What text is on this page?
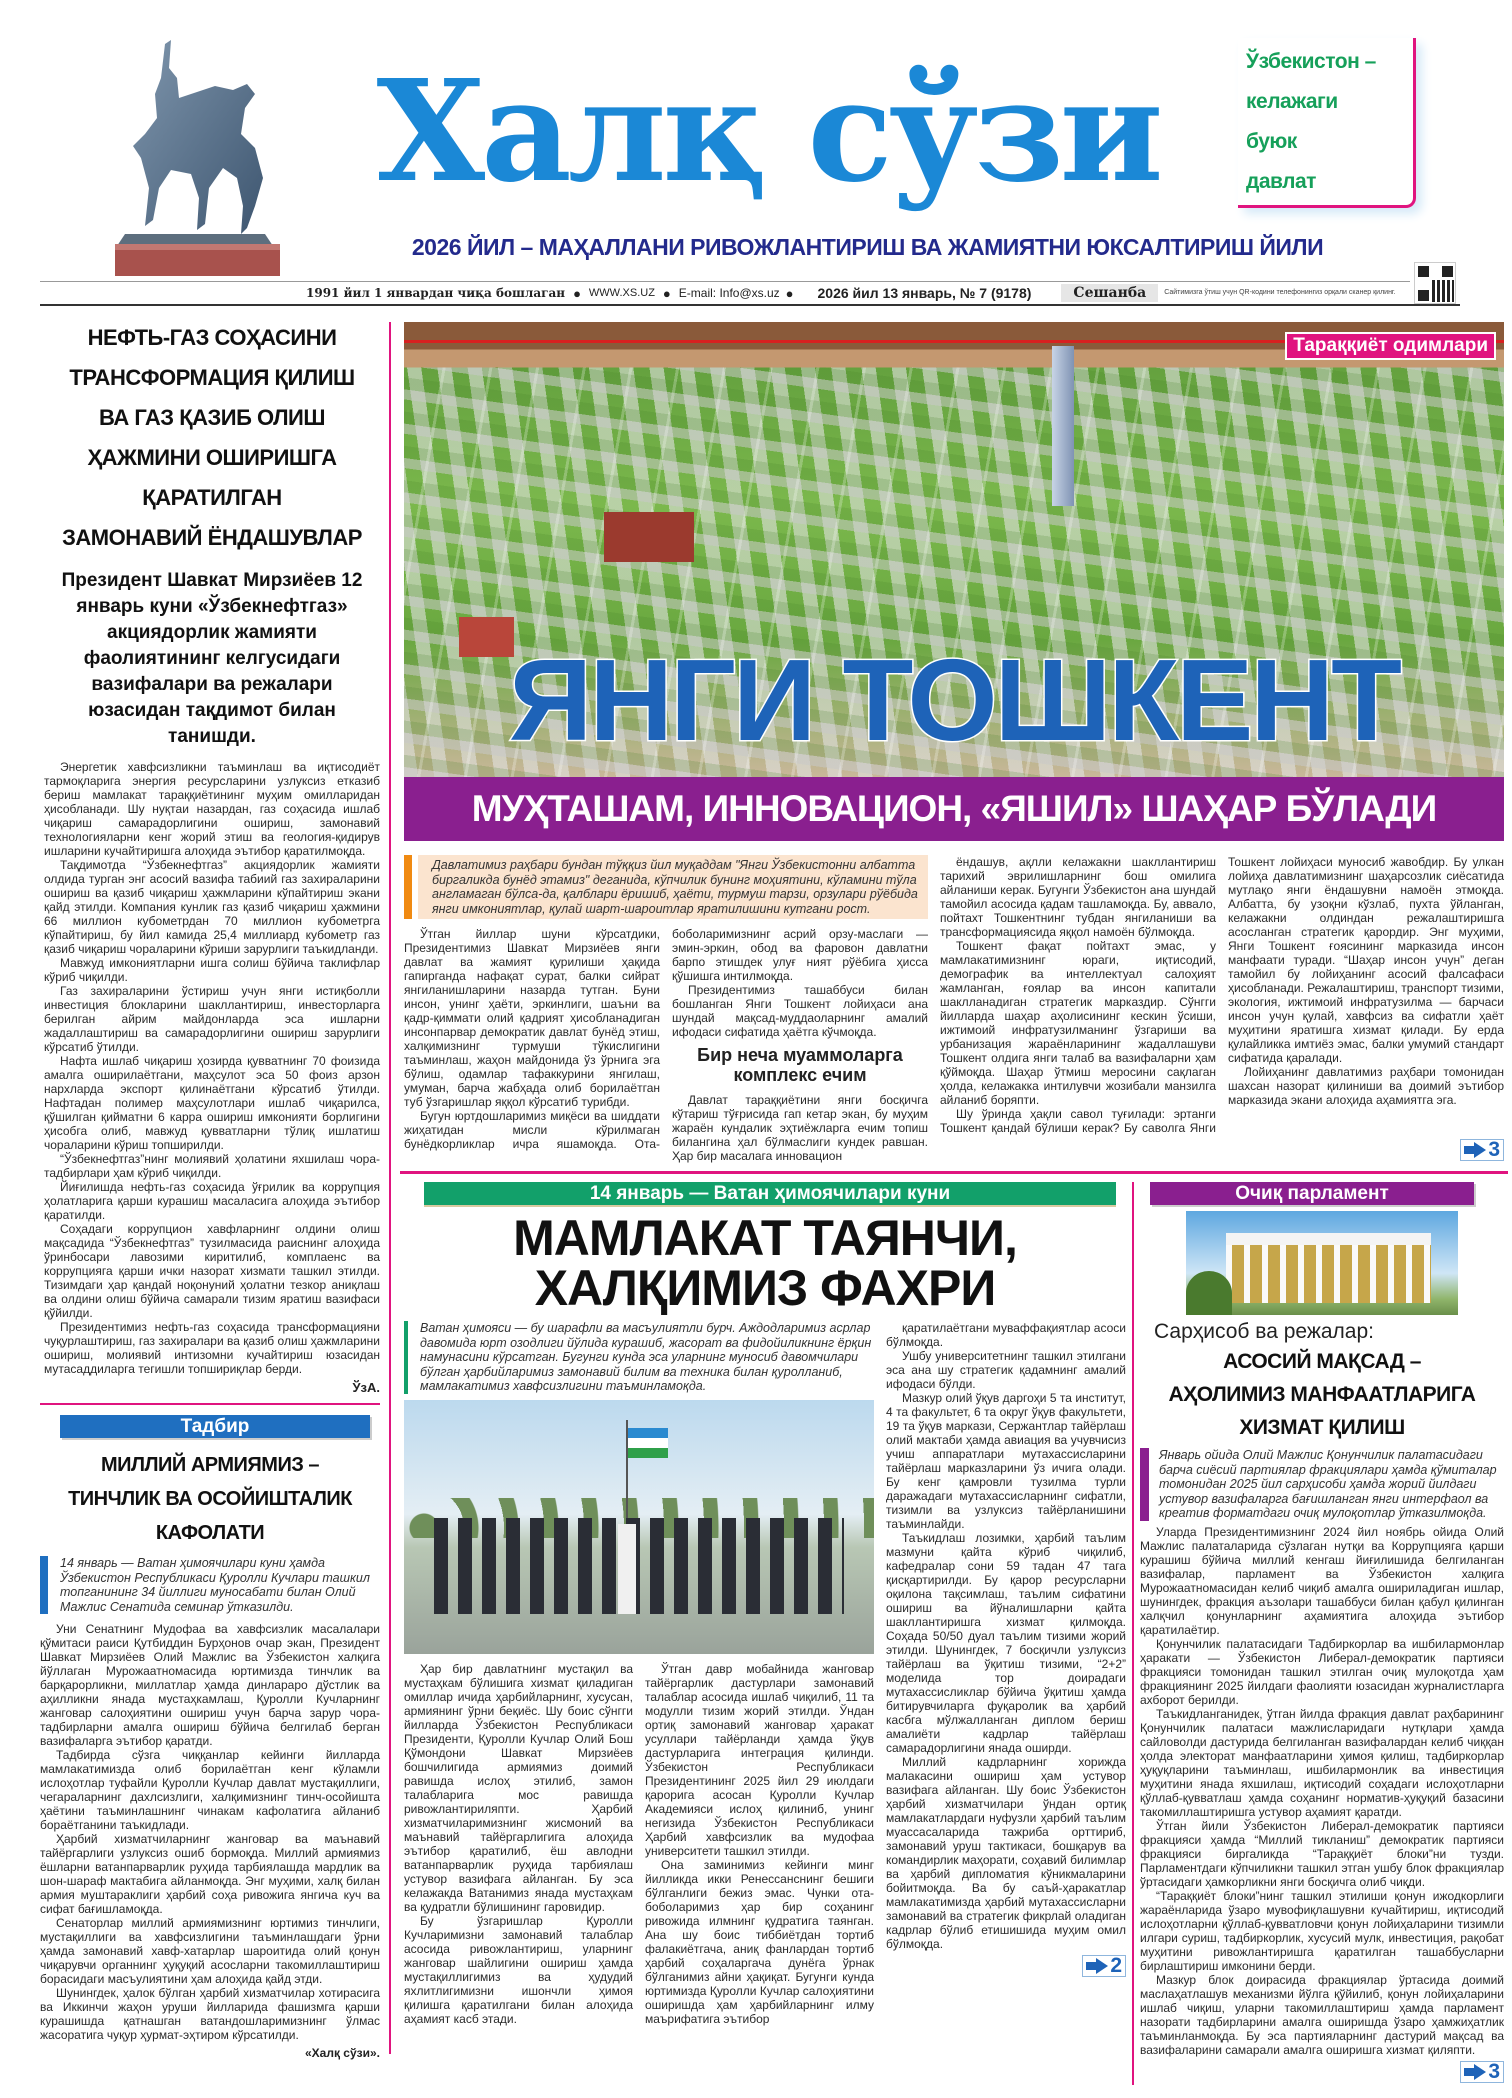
Халқ сўзи	Ўзбекистон –
келажаги
буюк
давлат
2026 ЙИЛ – МАҲАЛЛАНИ РИВОЖЛАНТИРИШ ВА ЖАМИЯТНИ ЮКСАЛТИРИШ ЙИЛИ
1991 йил 1 январдан чиқа бошлаган ● WWW.XS.UZ ● E-mail: Info@xs.uz ● 2026 йил 13 январь, № 7 (9178)	Сешанба	Сайтимизга ўтиш учун QR-кодини телефонингиз орқали сканер қилинг.
НЕФТЬ-ГАЗ СОҲАСИНИ
ТРАНСФОРМАЦИЯ ҚИЛИШ
ВА ГАЗ ҚАЗИБ ОЛИШ
ҲАЖМИНИ ОШИРИШГА
ҚАРАТИЛГАН
ЗАМОНАВИЙ ЁНДАШУВЛАР
Президент Шавкат Мирзиёев 12 январь куни «Ўзбекнефтгаз» акциядорлик жамияти фаолиятининг келгусидаги вазифалари ва режалари юзасидан тақдимот билан танишди.

Энергетик хавфсизликни таъминлаш ва иқтисодиёт тармоқларига энергия ресурсларини узлуксиз етказиб бериш мамлакат тараққиётининг муҳим омилларидан ҳисобланади. Шу нуқтаи назардан, газ соҳасида ишлаб чиқариш самарадорлигини ошириш, замонавий технологияларни кенг жорий этиш ва геология-қидирув ишларини кучайтиришга алоҳида эътибор қаратилмоқда.

Тақдимотда “Ўзбекнефтгаз” акциядорлик жамияти олдида турган энг асосий вазифа табиий газ захираларини ошириш ва қазиб чиқариш ҳажмларини кўпайтириш экани қайд этилди. Компания кунлик газ қазиб чиқариш ҳажмини 66 миллион кубометрдан 70 миллион кубометрга кўпайтириш, бу йил камида 25,4 миллиард кубометр газ қазиб чиқариш чораларини кўриши зарурлиги таъкидланди.

Мавжуд имкониятларни ишга солиш бўйича таклифлар кўриб чиқилди.

Газ захираларини ўстириш учун янги истиқболли инвестиция блокларини шакллантириш, инвесторларга берилган айрим майдонларда эса ишларни жадаллаштириш ва самарадорлигини ошириш зарурлиги кўрсатиб ўтилди.

Нафта ишлаб чиқариш ҳозирда қувватнинг 70 фоизида амалга оширилаётгани, маҳсулот эса 50 фоиз арзон нархларда экспорт қилинаётгани кўрсатиб ўтилди. Нафтадан полимер маҳсулотлари ишлаб чиқарилса, қўшилган қийматни 6 карра ошириш имконияти борлигини ҳисобга олиб, мавжуд қувватларни тўлиқ ишлатиш чораларини кўриш топширилди.

“Ўзбекнефтгаз”нинг молиявий ҳолатини яхшилаш чора-тадбирлари ҳам кўриб чиқилди.

Йиғилишда нефть-газ соҳасида ўғрилик ва коррупция ҳолатларига қарши курашиш масаласига алоҳида эътибор қаратилди.

Соҳадаги коррупцион хавфларнинг олдини олиш мақсадида “Ўзбекнефтгаз” тузилмасида раиснинг алоҳида ўринбосари лавозими киритилиб, комплаенс ва коррупцияга қарши ички назорат хизмати ташкил этилди. Тизимдаги ҳар қандай ноқонуний ҳолатни тезкор аниқлаш ва олдини олиш бўйича самарали тизим яратиш вазифаси қўйилди.

Президентимиз нефть-газ соҳасида трансформацияни чуқурлаштириш, газ захиралари ва қазиб олиш ҳажмларини ошириш, молиявий интизомни кучайтириш юзасидан мутасаддиларга тегишли топшириқлар берди.

ЎзА.
Тадбир
МИЛЛИЙ АРМИЯМИЗ –
ТИНЧЛИК ВА ОСОЙИШТАЛИК
КАФОЛАТИ
14 январь — Ватан ҳимоячилари куни ҳамда Ўзбекистон Республикаси Қуролли Кучлари ташкил топганининг 34 йиллиги муносабати билан Олий Мажлис Сенатида семинар ўтказилди.

Уни Сенатнинг Мудофаа ва хавфсизлик масалалари қўмитаси раиси Қутбиддин Бурҳонов очар экан, Президент Шавкат Мирзиёев Олий Мажлис ва Ўзбекистон халқига йўллаган Мурожаатномасида юртимизда тинчлик ва барқарорликни, миллатлар ҳамда динлараро дўстлик ва аҳилликни янада мустаҳкамлаш, Қуролли Кучларнинг жанговар салоҳиятини ошириш учун барча зарур чора-тадбирларни амалга ошириш бўйича белгилаб берган вазифаларга эътибор қаратди.

Тадбирда сўзга чиққанлар кейинги йилларда мамлакатимизда олиб борилаётган кенг кўламли ислоҳотлар туфайли Қуролли Кучлар давлат мустақиллиги, чегараларнинг дахлсизлиги, халқимизнинг тинч-осойишта ҳаётини таъминлашнинг чинакам кафолатига айланиб бораётганини таъкидлади.

Ҳарбий хизматчиларнинг жанговар ва маънавий тайёргарлиги узлуксиз ошиб бормоқда. Миллий армиямиз ёшларни ватанпарварлик руҳида тарбиялашда мардлик ва шон-шараф мактабига айланмоқда. Энг муҳими, халқ билан армия муштараклиги ҳарбий соҳа ривожига янгича куч ва сифат бағишламоқда.

Сенаторлар миллий армиямизнинг юртимиз тинчлиги, мустақиллиги ва хавфсизлигини таъминлашдаги ўрни ҳамда замонавий хавф-хатарлар шароитида олий қонун чиқарувчи органнинг ҳуқуқий асосларни такомиллаштириш борасидаги масъулиятини ҳам алоҳида қайд этди.

Шунингдек, ҳалок бўлган ҳарбий хизматчилар хотирасига ва Иккинчи жаҳон уруши йилларида фашизмга қарши курашишда қатнашган ватандошларимизнинг ўлмас жасоратига чуқур ҳурмат-эҳтиром кўрсатилди.

«Халқ сўзи».
Тараққиёт одимлари
ЯНГИ ТОШКЕНТ
МУҲТАШАМ, ИННОВАЦИОН, «ЯШИЛ» ШАҲАР БЎЛАДИ
Давлатимиз раҳбари бундан тўққиз йил муқаддам "Янги Ўзбекистонни албатта биргаликда бунёд этамиз" деганида, кўпчилик бунинг моҳиятини, кўламини тўла англамаган бўлса-да, қалблари ёришиб, ҳаёти, турмуш тарзи, орзулари рўёбида янги имкониятлар, қулай шарт-шароитлар яратилишини кутгани рост.

Ўтган йиллар шуни кўрсатдики, Президентимиз Шавкат Мирзиёев янги давлат ва жамият қурилиши ҳақида гапирганда нафақат сурат, балки сийрат янгиланишларини назарда тутган. Буни инсон, унинг ҳаёти, эркинлиги, шаъни ва қадр-қиммати олий қадрият ҳисобланадиган инсонпарвар демократик давлат бунёд этиш, халқимизнинг турмуши тўкислигини таъминлаш, жаҳон майдонида ўз ўрнига эга бўлиш, одамлар тафаккурини янгилаш, умуман, барча жабҳада олиб борилаётган туб ўзгаришлар яққол кўрсатиб турибди.

Бугун юртдошларимиз миқёси ва шиддати жиҳатидан мисли кўрилмаган бунёдкорликлар ичра яшамоқда. Ота-боболаримизнинг асрий орзу-маслаги — эмин-эркин, обод ва фаровон давлатни барпо этишдек улуғ ният рўёбига ҳисса қўшишга интилмоқда.

Президентимиз ташаббуси билан бошланган Янги Тошкент лойиҳаси ана шундай мақсад-муддаоларнинг амалий ифодаси сифатида ҳаётга кўчмоқда.

Бир неча муаммоларга комплекс ечим

Давлат тараққиётини янги босқичга кўтариш тўғрисида гап кетар экан, бу муҳим жараён кундалик эҳтиёжларга ечим топиш билангина ҳал бўлмаслиги кундек равшан. Ҳар бир масалага инновацион

ёндашув, ақлли келажакни шакллантириш тарихий эврилишларнинг бош омилига айланиши керак. Бугунги Ўзбекистон ана шундай тамойил асосида қадам ташламоқда. Бу, аввало, пойтахт Тошкентнинг тубдан янгиланиши ва трансформациясида яққол намоён бўлмоқда.

Тошкент фақат пойтахт эмас, у мамлакатимизнинг юраги, иқтисодий, демографик ва интеллектуал салоҳият жамланган, ғоялар ва инсон капитали шаклланадиган стратегик марказдир. Сўнгги йилларда шаҳар аҳолисининг кескин ўсиши, ижтимоий инфратузилманинг ўзгариши ва урбанизация жараёнларининг жадаллашуви Тошкент олдига янги талаб ва вазифаларни ҳам қўймоқда. Шаҳар ўтмиш меросини сақлаган ҳолда, келажакка интилувчи жозибали манзилга айланиб боряпти.

Шу ўринда ҳақли савол туғилади: эртанги Тошкент қандай бўлиши керак? Бу саволга Янги Тошкент лойиҳаси муносиб жавобдир. Бу улкан лойиҳа давлатимизнинг шаҳарсозлик сиёсатида мутлақо янги ёндашувни намоён этмоқда. Албатта, бу узоқни кўзлаб, пухта ўйланган, келажакни олдиндан режалаштиришга асосланган стратегик қарордир. Энг муҳими, Янги Тошкент ғоясининг марказида инсон манфаати туради. “Шаҳар инсон учун” деган тамойил бу лойиҳанинг асосий фалсафаси ҳисобланади. Режалаштириш, транспорт тизими, экология, ижтимоий инфратузилма — барчаси инсон учун қулай, хавфсиз ва сифатли ҳаёт муҳитини яратишга хизмат қилади. Бу ерда қулайликка имтиёз эмас, балки умумий стандарт сифатида қаралади.

Лойиҳанинг давлатимиз раҳбари томонидан шахсан назорат қилиниши ва доимий эътибор марказида экани алоҳида аҳамиятга эга.

3
14 январь — Ватан ҳимоячилари куни
МАМЛАКАТ ТАЯНЧИ,
ХАЛҚИМИЗ ФАХРИ
Ватан ҳимояси — бу шарафли ва масъулиятли бурч. Аждодларимиз асрлар давомида юрт озодлиги йўлида курашиб, жасорат ва фидойиликнинг ёрқин намунасини кўрсатган. Бугунги кунда эса уларнинг муносиб давомчилари бўлган ҳарбийларимиз замонавий билим ва техника билан қуролланиб, мамлакатимиз хавфсизлигини таъминламоқда.

Ҳар бир давлатнинг мустақил ва мустаҳкам бўлишига хизмат қиладиган омиллар ичида ҳарбийларнинг, хусусан, армиянинг ўрни беқиёс. Шу боис сўнгги йилларда Ўзбекистон Республикаси Президенти, Қуролли Кучлар Олий Бош Қўмондони Шавкат Мирзиёев бошчилигида армиямиз доимий равишда ислоҳ этилиб, замон талабларига мос равишда ривожлантириляпти. Ҳарбий хизматчиларимизнинг жисмоний ва маънавий тайёргарлигига алоҳида эътибор қаратилиб, ёш авлодни ватанпарварлик руҳида тарбиялаш устувор вазифага айланган. Бу эса келажакда Ватанимиз янада мустаҳкам ва қудратли бўлишининг гаровидир.

Бу ўзгаришлар Қуролли Кучларимизни замонавий талаблар асосида ривожлантириш, уларнинг жанговар шайлигини ошириш ҳамда мустақиллигимиз ва ҳудудий яхлитлигимизни ишончли ҳимоя қилишга қаратилгани билан алоҳида аҳамият касб этади.

Ўтган давр мобайнида жанговар тайёргарлик дастурлари замонавий талаблар асосида ишлаб чиқилиб, 11 та модулли тизим жорий этилди. Ўндан ортиқ замонавий жанговар ҳаракат усуллари тайёрланди ҳамда ўқув дастурларига интеграция қилинди. Ўзбекистон Республикаси Президентининг 2025 йил 29 июлдаги қарорига асосан Қуролли Кучлар Академияси ислоҳ қилиниб, унинг негизида Ўзбекистон Республикаси Ҳарбий хавфсизлик ва мудофаа университети ташкил этилди.

Она заминимиз кейинги минг йилликда икки Ренессанснинг бешиги бўлганлиги бежиз эмас. Чунки ота-боболаримиз ҳар бир соҳанинг ривожида илмнинг қудратига таянган. Ана шу боис тиббиётдан тортиб фалакиётгача, аниқ фанлардан тортиб ҳарбий соҳаларгача дунёга ўрнак бўлганимиз айни ҳақиқат. Бугунги кунда юртимизда Қуролли Кучлар салоҳиятини оширишда ҳам ҳарбийларнинг илму маърифатига эътибор

қаратилаётгани муваффақиятлар асоси бўлмоқда.

Ушбу университетнинг ташкил этилгани эса ана шу стратегик қадамнинг амалий ифодаси бўлди.

Мазкур олий ўқув даргоҳи 5 та институт, 4 та факультет, 6 та округ ўқув факультети, 19 та ўқув маркази, Сержантлар тайёрлаш олий мактаби ҳамда авиация ва учувчисиз учиш аппаратлари мутахассисларини тайёрлаш марказларини ўз ичига олади. Бу кенг қамровли тузилма турли даражадаги мутахассисларнинг сифатли, тизимли ва узлуксиз тайёрланишини таъминлайди.

Таъкидлаш лозимки, ҳарбий таълим мазмуни қайта кўриб чиқилиб, кафедралар сони 59 тадан 47 тага қисқартирилди. Бу қарор ресурсларни оқилона тақсимлаш, таълим сифатини ошириш ва йўналишларни қайта шакллантиришга хизмат қилмоқда. Соҳада 50/50 дуал таълим тизими жорий этилди. Шунингдек, 7 босқичли узлуксиз тайёрлаш ва ўқитиш тизими, “2+2” моделида тор доирадаги мутахассисликлар бўйича ўқитиш ҳамда битирувчиларга фуқаролик ва ҳарбий касбга мўлжалланган диплом бериш амалиёти кадрлар тайёрлаш самарадорлигини янада оширди.

Миллий кадрларнинг хорижда малакасини ошириш ҳам устувор вазифага айланган. Шу боис Ўзбекистон ҳарбий хизматчилари ўндан ортиқ мамлакатлардаги нуфузли ҳарбий таълим муассасаларида тажриба орттириб, замонавий уруш тактикаси, бошқарув ва командирлик маҳорати, соҳавий билимлар ва ҳарбий дипломатия кўникмаларини бойитмоқда. Ва бу саъй-ҳаракатлар мамлакатимизда ҳарбий мутахассисларни замонавий ва стратегик фикрлай оладиган кадрлар бўлиб етишишида муҳим омил бўлмоқда.

2
Очиқ парламент
Сарҳисоб ва режалар:
АСОСИЙ МАҚСАД –
АҲОЛИМИЗ МАНФААТЛАРИГА
ХИЗМАТ ҚИЛИШ
Январь ойида Олий Мажлис Қонунчилик палатасидаги барча сиёсий партиялар фракциялари ҳамда қўмиталар томонидан 2025 йил сарҳисоби ҳамда жорий йилдаги устувор вазифаларга бағишланган янги интерфаол ва креатив форматдаги очиқ мулоқотлар ўтказилмоқда.

Уларда Президентимизнинг 2024 йил ноябрь ойида Олий Мажлис палаталарида сўзлаган нутқи ва Коррупцияга қарши курашиш бўйича миллий кенгаш йиғилишида белгиланган вазифалар, парламент ва Ўзбекистон халқига Мурожаатномасидан келиб чиқиб амалга ошириладиган ишлар, шунингдек, фракция аъзолари ташаббуси билан қабул қилинган халқчил қонунларнинг аҳамиятига алоҳида эътибор қаратилаётир.

Қонунчилик палатасидаги Тадбиркорлар ва ишбилармонлар ҳаракати — Ўзбекистон Либерал-демократик партияси фракцияси томонидан ташкил этилган очиқ мулоқотда ҳам фракциянинг 2025 йилдаги фаолияти юзасидан журналистларга ахборот берилди.

Таъкидланганидек, ўтган йилда фракция давлат раҳбарининг Қонунчилик палатаси мажлисларидаги нутқлари ҳамда сайловолди дастурида белгиланган вазифалардан келиб чиққан ҳолда электорат манфаатларини ҳимоя қилиш, тадбиркорлар ҳуқуқларини таъминлаш, ишбилармонлик ва инвестиция муҳитини янада яхшилаш, иқтисодий соҳадаги ислоҳотларни қўллаб-қувватлаш ҳамда соҳанинг норматив-ҳуқуқий базасини такомиллаштиришга устувор аҳамият қаратди.

Ўтган йили Ўзбекистон Либерал-демократик партияси фракцияси ҳамда “Миллий тикланиш” демократик партияси фракцияси биргаликда “Тараққиёт блоки”ни тузди. Парламентдаги кўпчиликни ташкил этган ушбу блок фракциялар ўртасидаги ҳамкорликни янги босқичга олиб чиқди.

“Тараққиёт блоки”нинг ташкил этилиши қонун ижодкорлиги жараёнларида ўзаро мувофиқлашувни кучайтириш, иқтисодий ислоҳотларни қўллаб-қувватловчи қонун лойиҳаларини тизимли илгари суриш, тадбиркорлик, хусусий мулк, инвестиция, рақобат муҳитини ривожлантиришга қаратилган ташаббусларни бирлаштириш имконини берди.

Мазкур блок доирасида фракциялар ўртасида доимий маслаҳатлашув механизми йўлга қўйилиб, қонун лойиҳаларини ишлаб чиқиш, уларни такомиллаштириш ҳамда парламент назорати тадбирларини амалга оширишда ўзаро ҳамжиҳатлик таъминланмоқда. Бу эса партияларнинг дастурий мақсад ва вазифаларини самарали амалга оширишга хизмат қиляпти.

3
